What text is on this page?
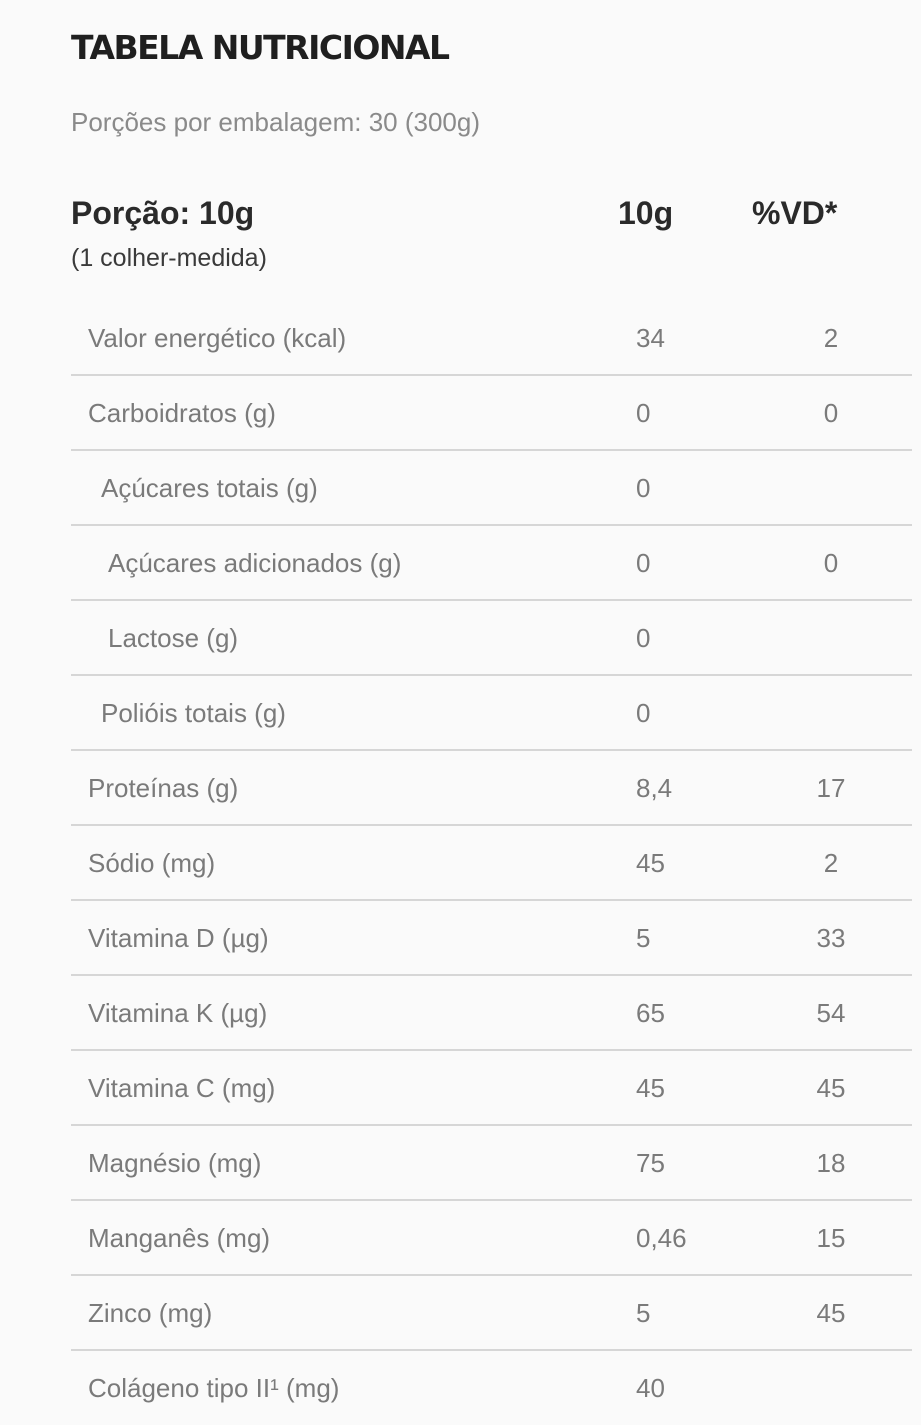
TABELA NUTRICIONAL
Porções por embalagem: 30 (300g)
Porção: 10g
(1 colher-medida)
10g %VD*
Valor energético (kcal)	34	2
Carboidratos (g)	0	0
Açúcares totais (g)	0
Açúcares adicionados (g)	0	0
Lactose (g)	0
Polióis totais (g)	0
Proteínas (g)	8,4	17
Sódio (mg)	45	2
Vitamina D (µg)	5	33
Vitamina K (µg)	65	54
Vitamina C (mg)	45	45
Magnésio (mg)	75	18
Manganês (mg)	0,46	15
Zinco (mg)	5	45
Colágeno tipo II¹ (mg)	40
